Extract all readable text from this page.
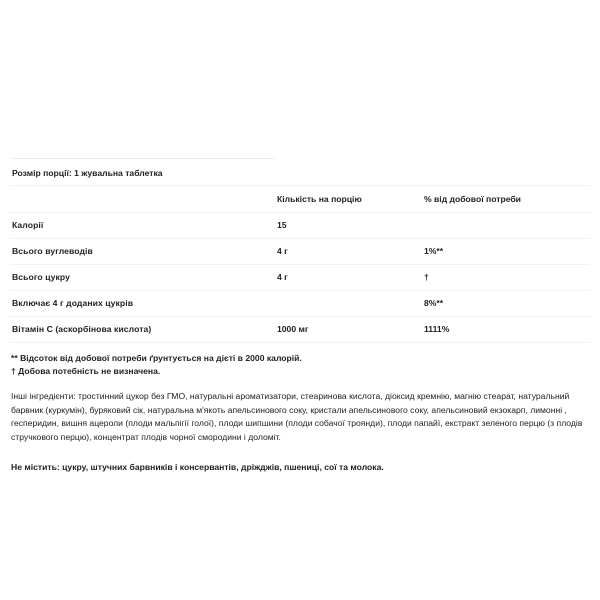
Розмір порції: 1 жувальна таблетка		
	Кількість на порцію	% від добової потреби
Калорії	15	
Всього вуглеводів	4 г	1%**
Всього цукру	4 г	†
Включає 4 г доданих цукрів		8%**
Вітамін С (аскорбінова кислота)	1000 мг	1111%
** Відсоток від добової потреби ґрунтується на дієті в 2000 калорій.
† Добова потебність не визначена.
Інші інгредієнти: тростинний цукор без ГМО, натуральні ароматизатори, стеаринова кислота, діоксид кремнію, магнію стеарат, натуральний барвник (куркумін), буряковий сік, натуральна м'якоть апельсинового соку, кристали апельсинового соку, апельсиновий екзокарп, лимонні , гесперидин, вишня ацероли (плоди мальпігії голої), плоди шипшини (плоди собачої троянди), плоди папайї, екстракт зеленого перцю (з плодів стручкового перцю), концентрат плодів чорної смородини і доломіт.
Не містить: цукру, штучних барвників і консервантів, дріжджів, пшениці, сої та молока.
